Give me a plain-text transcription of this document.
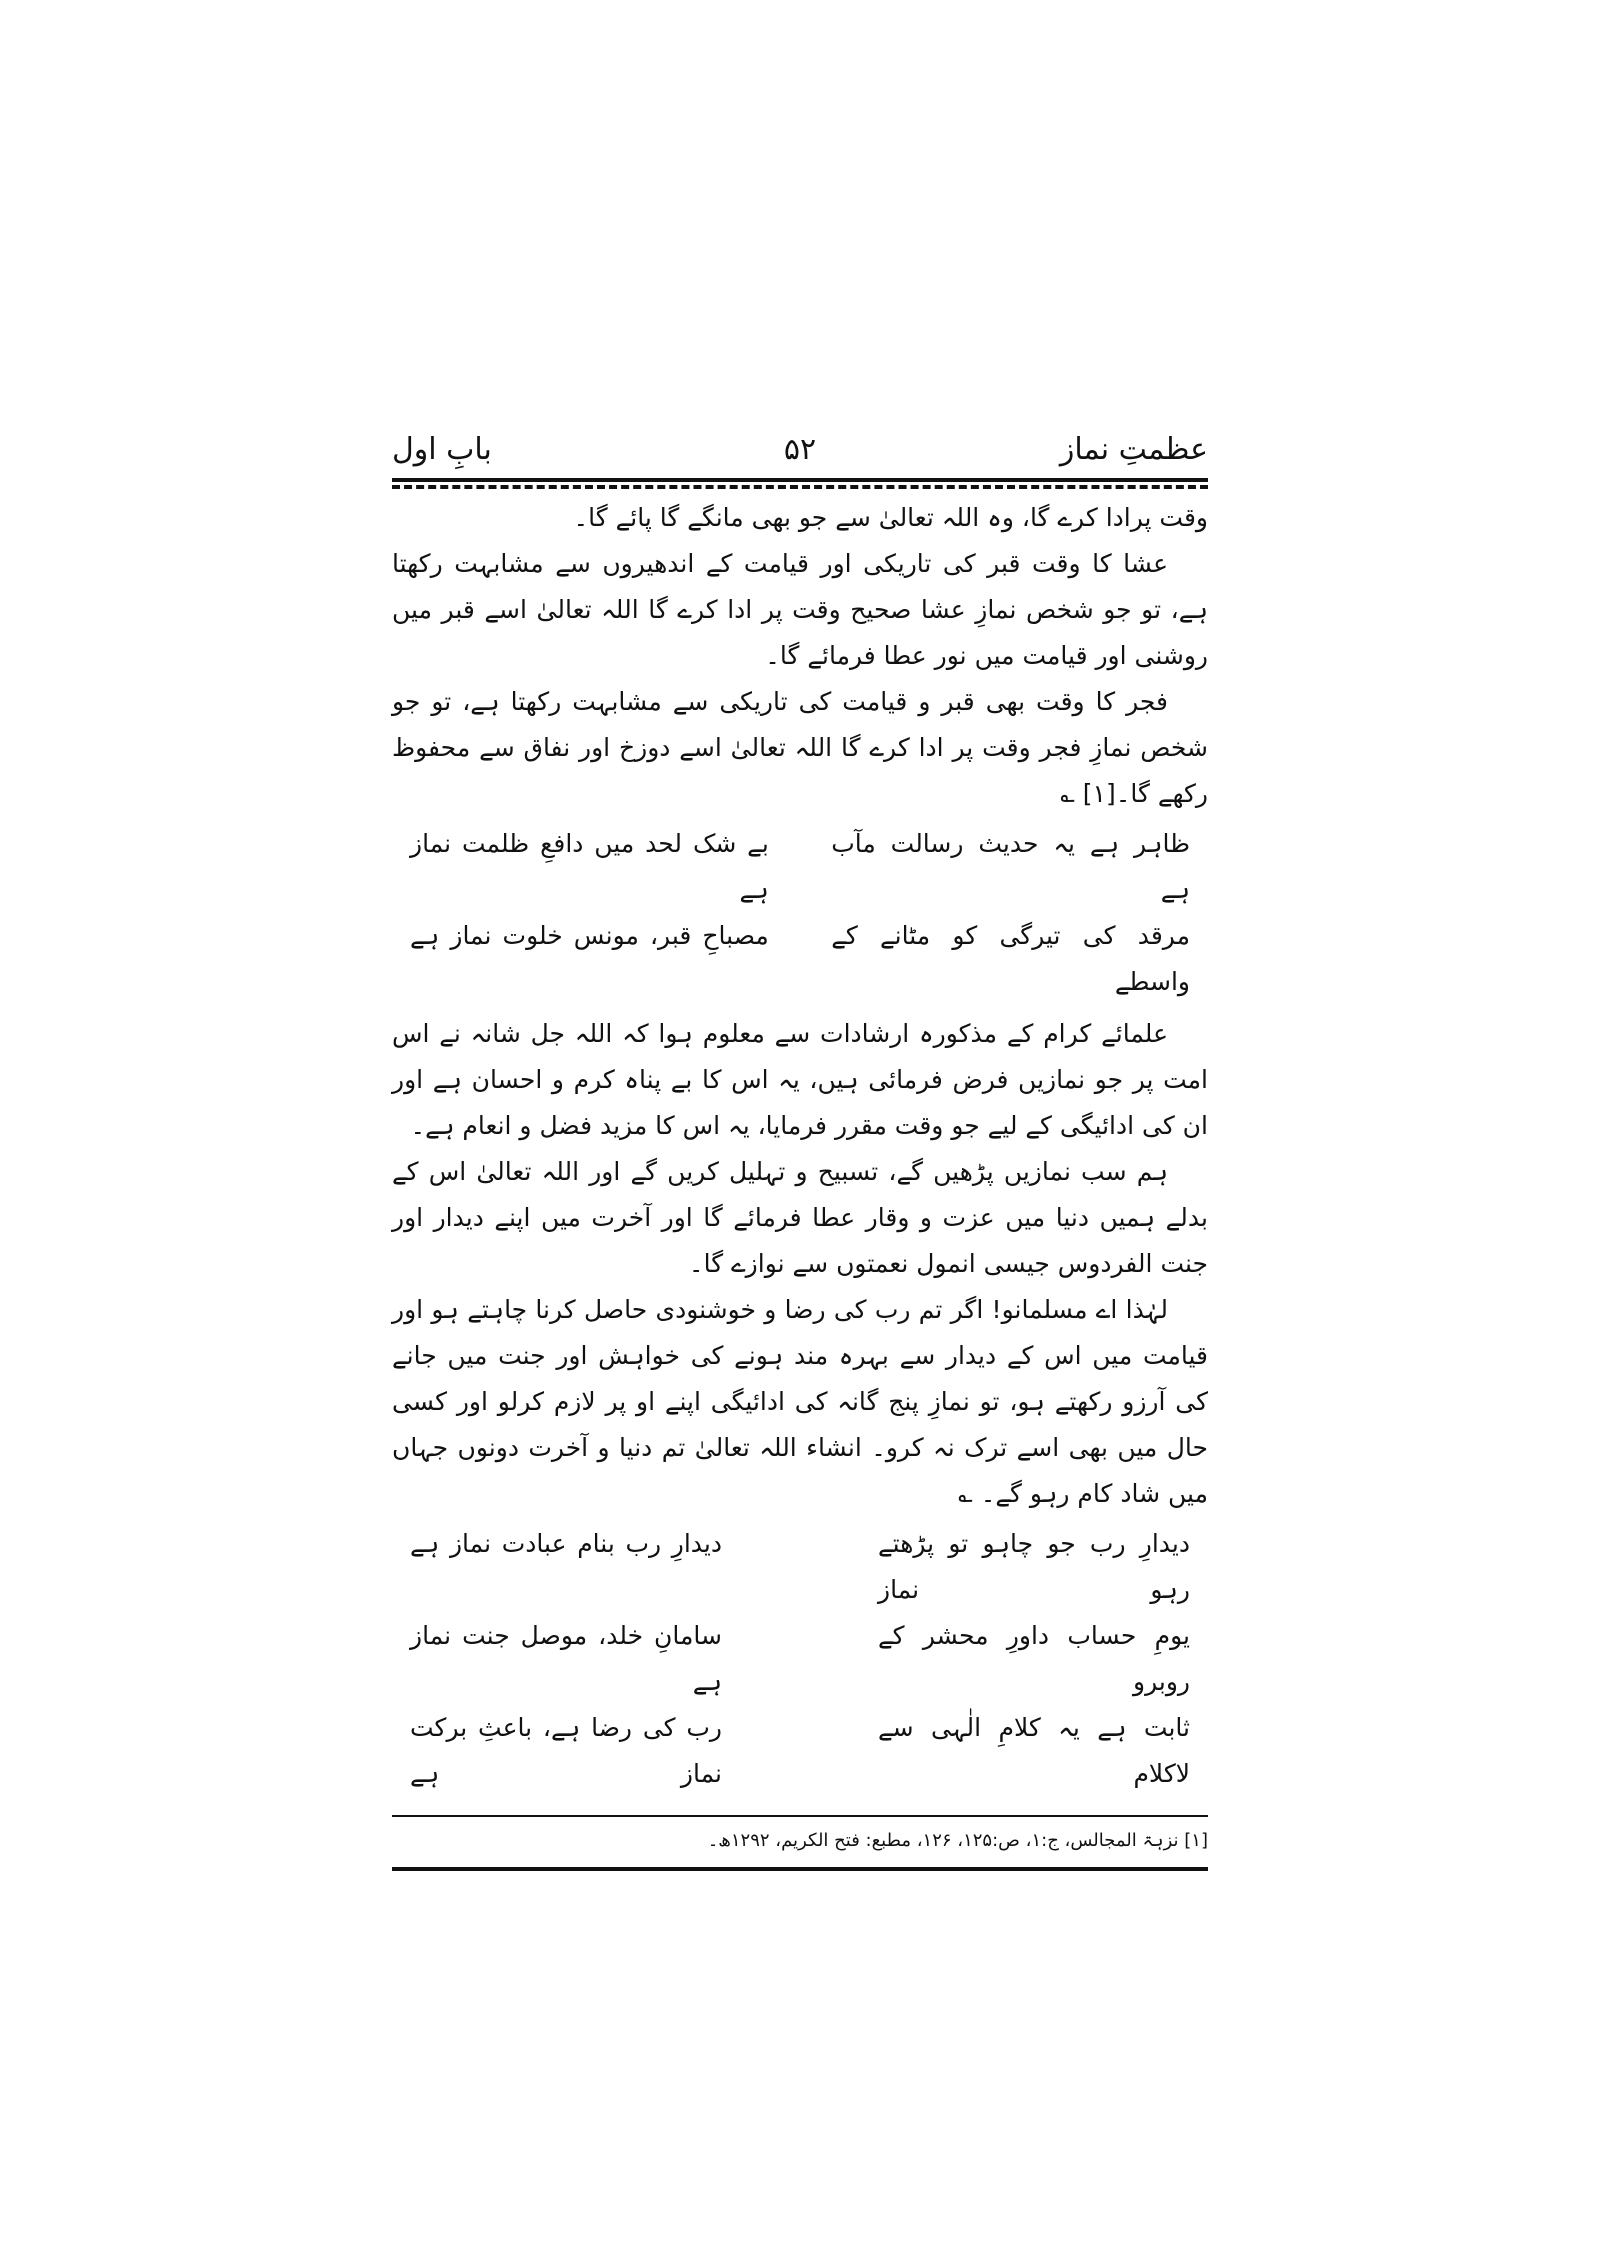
عظمتِ نماز
۵۲
بابِ اول

وقت پرادا کرے گا، وہ اللہ تعالیٰ سے جو بھی مانگے گا پائے گا۔

عشا کا وقت قبر کی تاریکی اور قیامت کے اندھیروں سے مشابہت رکھتا ہے، تو جو شخص نمازِ عشا صحیح وقت پر ادا کرے گا اللہ تعالیٰ اسے قبر میں روشنی اور قیامت میں نور عطا فرمائے گا۔

فجر کا وقت بھی قبر و قیامت کی تاریکی سے مشابہت رکھتا ہے، تو جو شخص نمازِ فجر وقت پر ادا کرے گا اللہ تعالیٰ اسے دوزخ اور نفاق سے محفوظ رکھے گا۔[۱] ؎

ظاہر ہے یہ حدیث رسالت مآب ہے
بے شک لحد میں دافعِ ظلمت نماز ہے
مرقد کی تیرگی کو مٹانے کے واسطے
مصباحِ قبر، مونس خلوت نماز ہے

علمائے کرام کے مذکورہ ارشادات سے معلوم ہوا کہ اللہ جل شانہ نے اس امت پر جو نمازیں فرض فرمائی ہیں، یہ اس کا بے پناہ کرم و احسان ہے اور ان کی ادائیگی کے لیے جو وقت مقرر فرمایا، یہ اس کا مزید فضل و انعام ہے۔

ہم سب نمازیں پڑھیں گے، تسبیح و تہلیل کریں گے اور اللہ تعالیٰ اس کے بدلے ہمیں دنیا میں عزت و وقار عطا فرمائے گا اور آخرت میں اپنے دیدار اور جنت الفردوس جیسی انمول نعمتوں سے نوازے گا۔

لہٰذا اے مسلمانو! اگر تم رب کی رضا و خوشنودی حاصل کرنا چاہتے ہو اور قیامت میں اس کے دیدار سے بہرہ مند ہونے کی خواہش اور جنت میں جانے کی آرزو رکھتے ہو، تو نمازِ پنج گانہ کی ادائیگی اپنے او پر لازم کرلو اور کسی حال میں بھی اسے ترک نہ کرو۔ انشاء اللہ تعالیٰ تم دنیا و آخرت دونوں جہاں میں شاد کام رہو گے۔ ؎

دیدارِ رب جو چاہو تو پڑھتے رہو نماز
دیدارِ رب بنام عبادت نماز ہے
یومِ حساب داورِ محشر کے روبرو
سامانِ خلد، موصل جنت نماز ہے
ثابت ہے یہ کلامِ الٰہی سے لاکلام
رب کی رضا ہے، باعثِ برکت نماز ہے
[۱] نزہۃ المجالس، ج:۱، ص:۱۲۵، ۱۲۶، مطبع: فتح الکریم، ۱۲۹۲ھ۔
